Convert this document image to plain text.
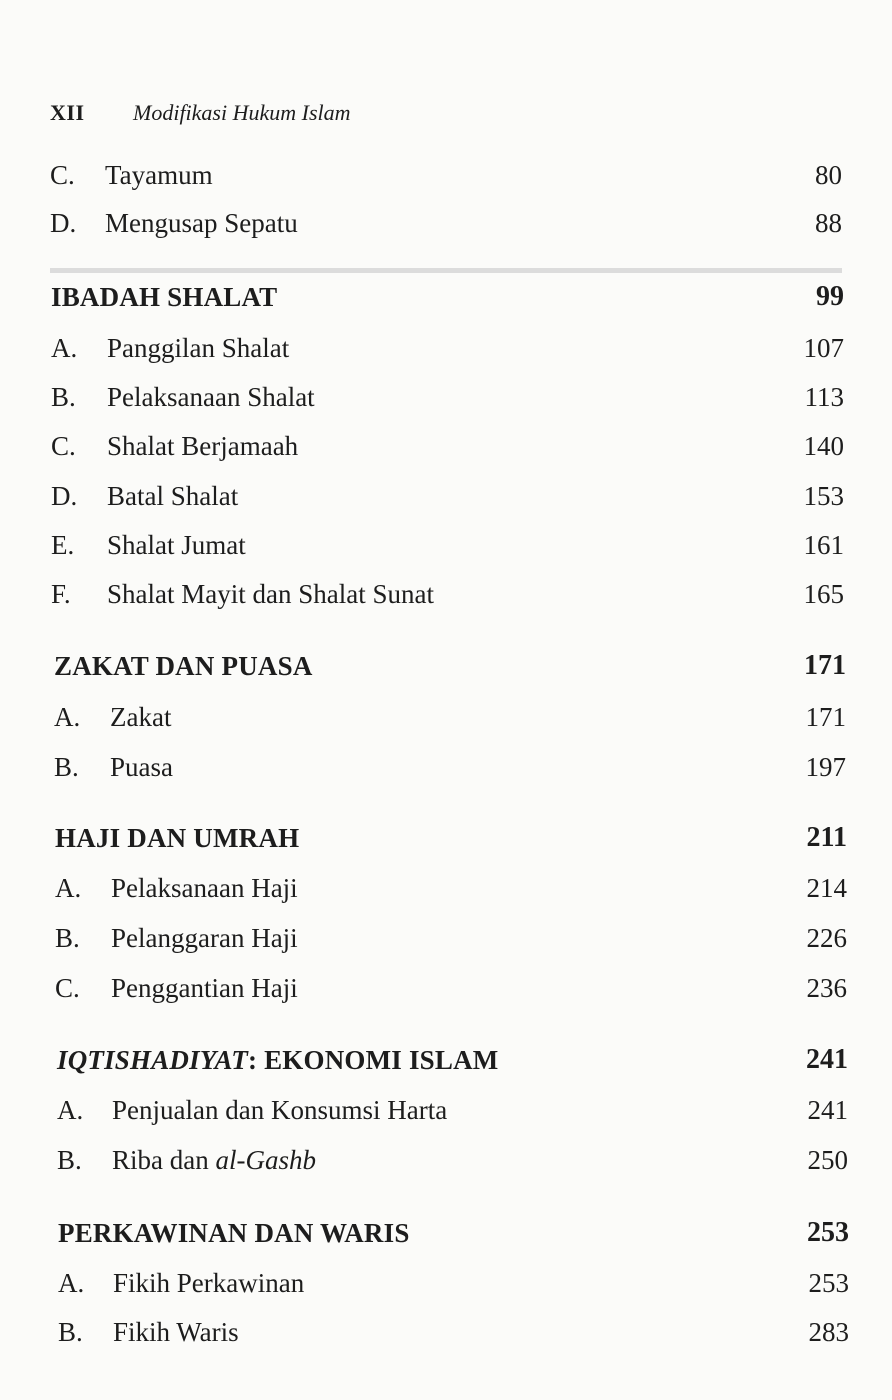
XII Modifikasi Hukum Islam
C. Tayamum	80
D. Mengusap Sepatu	88
IBADAH SHALAT	99
A. Panggilan Shalat	107
B. Pelaksanaan Shalat	113
C. Shalat Berjamaah	140
D. Batal Shalat	153
E. Shalat Jumat	161
F. Shalat Mayit dan Shalat Sunat	165
ZAKAT DAN PUASA	171
A. Zakat	171
B. Puasa	197
HAJI DAN UMRAH	211
A. Pelaksanaan Haji	214
B. Pelanggaran Haji	226
C. Penggantian Haji	236
IQTISHADIYAT: EKONOMI ISLAM	241
A. Penjualan dan Konsumsi Harta	241
B. Riba dan al-Gashb	250
PERKAWINAN DAN WARIS	253
A. Fikih Perkawinan	253
B. Fikih Waris	283
